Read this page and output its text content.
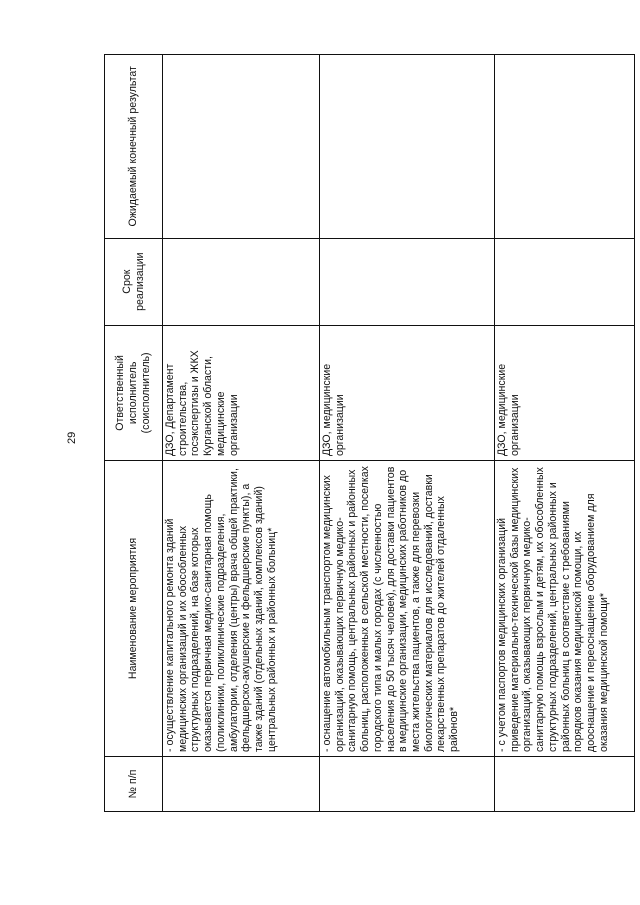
29
№ п/п	Наименование мероприятия	Ответственный исполнитель (соисполнитель)	Срок реализации	Ожидаемый конечный результат
	- осуществление капитального ремонта зданий медицинских организаций и их обособленных структурных подразделений, на базе которых оказывается первичная медико-санитарная помощь (поликлиники, поликлинические подразделения, амбулатории, отделения (центры) врача общей практики, фельдшерско-акушерские и фельдшерские пункты), а также зданий (отдельных зданий, комплексов зданий) центральных районных и районных больниц*	ДЗО, Департамент строительства, госэкспертизы и ЖКХ Курганской области, медицинские организации		
	- оснащение автомобильным транспортом медицинских организаций, оказывающих первичную медико-санитарную помощь, центральных районных и районных больниц, расположенных в сельской местности, поселках городского типа и малых городах (с численностью населения до 50 тысяч человек), для доставки пациентов в медицинские организации, медицинских работников до места жительства пациентов, а также для перевозки биологических материалов для исследований, доставки лекарственных препаратов до жителей отдаленных районов*	ДЗО, медицинские организации		
	- с учетом паспортов медицинских организаций приведение материально-технической базы медицинских организаций, оказывающих первичную медико-санитарную помощь взрослым и детям, их обособленных структурных подразделений, центральных районных и районных больниц в соответствие с требованиями порядков оказания медицинской помощи, их дооснащение и переоснащение оборудованием для оказания медицинской помощи*	ДЗО, медицинские организации		
